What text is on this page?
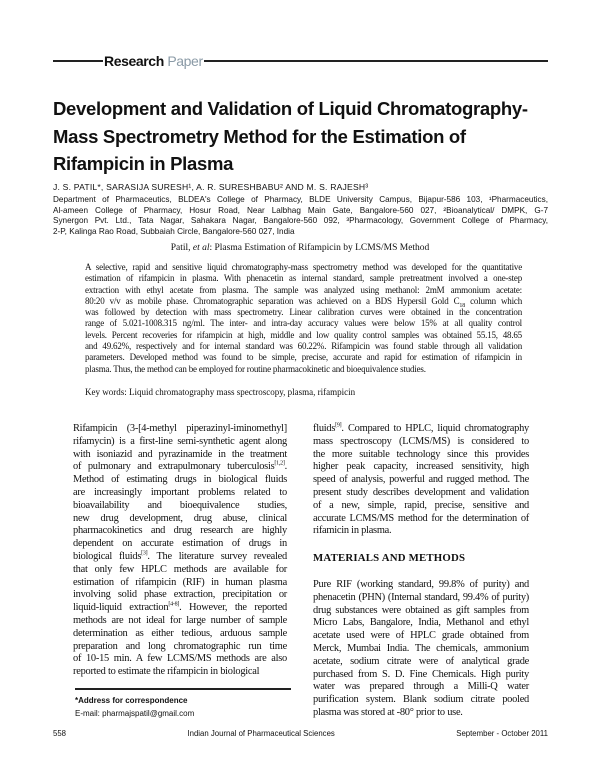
Research Paper
Development and Validation of Liquid Chromatography-
Mass Spectrometry Method for the Estimation of
Rifampicin in Plasma
J. S. PATIL*, SARASIJA SURESH¹, A. R. SURESHBABU² AND M. S. RAJESH³
Department of Pharmaceutics, BLDEA's College of Pharmacy, BLDE University Campus, Bijapur-586 103, ¹Pharmaceutics,
Al-ameen College of Pharmacy, Hosur Road, Near Lalbhag Main Gate, Bangalore-560 027, ²Bioanalytical/ DMPK, G-7
Synergon Pvt. Ltd., Tata Nagar, Sahakara Nagar, Bangalore-560 092, ³Pharmacology, Government College of Pharmacy,
2-P, Kalinga Rao Road, Subbaiah Circle, Bangalore-560 027, India
Patil, et al: Plasma Estimation of Rifampicin by LCMS/MS Method
A selective, rapid and sensitive liquid chromatography-mass spectrometry method was developed for the quantitative
estimation of rifampicin in plasma. With phenacetin as internal standard, sample pretreatment involved a one-step
extraction with ethyl acetate from plasma. The sample was analyzed using methanol: 2mM ammonium acetate:
80:20 v/v as mobile phase. Chromatographic separation was achieved on a BDS Hypersil Gold $C_{18}$ column which
was followed by detection with mass spectrometry. Linear calibration curves were obtained in the concentration
range of 5.021-1008.315 ng/ml. The inter- and intra-day accuracy values were below 15% at all quality control
levels. Percent recoveries for rifampicin at high, middle and low quality control samples was obtained 55.15, 48.65
and 49.62%, respectively and for internal standard was 60.22%. Rifampicin was found stable through all validation
parameters. Developed method was found to be simple, precise, accurate and rapid for estimation of rifampicin in
plasma. Thus, the method can be employed for routine pharmacokinetic and bioequivalence studies.
Key words: Liquid chromatography mass spectroscopy, plasma, rifampicin
Rifampicin (3-[4-methyl piperazinyl-iminomethyl]
rifamycin) is a first-line semi-synthetic agent along
with isoniazid and pyrazinamide in the treatment
of pulmonary and extrapulmonary tuberculosis[1,2].
Method of estimating drugs in biological fluids
are increasingly important problems related to
bioavailability and bioequivalence studies,
new drug development, drug abuse, clinical
pharmacokinetics and drug research are highly
dependent on accurate estimation of drugs in
biological fluids[3]. The literature survey revealed
that only few HPLC methods are available for
estimation of rifampicin (RIF) in human plasma
involving solid phase extraction, precipitation or
liquid-liquid extraction[4-8]. However, the reported
methods are not ideal for large number of sample
determination as either tedious, arduous sample
preparation and long chromatographic run time
of 10-15 min. A few LCMS/MS methods are also
reported to estimate the rifampicin in biological
fluids[9]. Compared to HPLC, liquid chromatography
mass spectroscopy (LCMS/MS) is considered to
the more suitable technology since this provides
higher peak capacity, increased sensitivity, high
speed of analysis, powerful and rugged method. The
present study describes development and validation
of a new, simple, rapid, precise, sensitive and
accurate LCMS/MS method for the determination of
rifamicin in plasma.
MATERIALS AND METHODS
Pure RIF (working standard, 99.8% of purity) and
phenacetin (PHN) (Internal standard, 99.4% of purity)
drug substances were obtained as gift samples from
Micro Labs, Bangalore, India, Methanol and ethyl
acetate used were of HPLC grade obtained from
Merck, Mumbai India. The chemicals, ammonium
acetate, sodium citrate were of analytical grade
purchased from S. D. Fine Chemicals. High purity
water was prepared through a Milli-Q water
purification system. Blank sodium citrate pooled
plasma was stored at -80° prior to use.
*Address for correspondence
E-mail: pharmajspatil@gmail.com
558	Indian Journal of Pharmaceutical Sciences	September - October 2011
